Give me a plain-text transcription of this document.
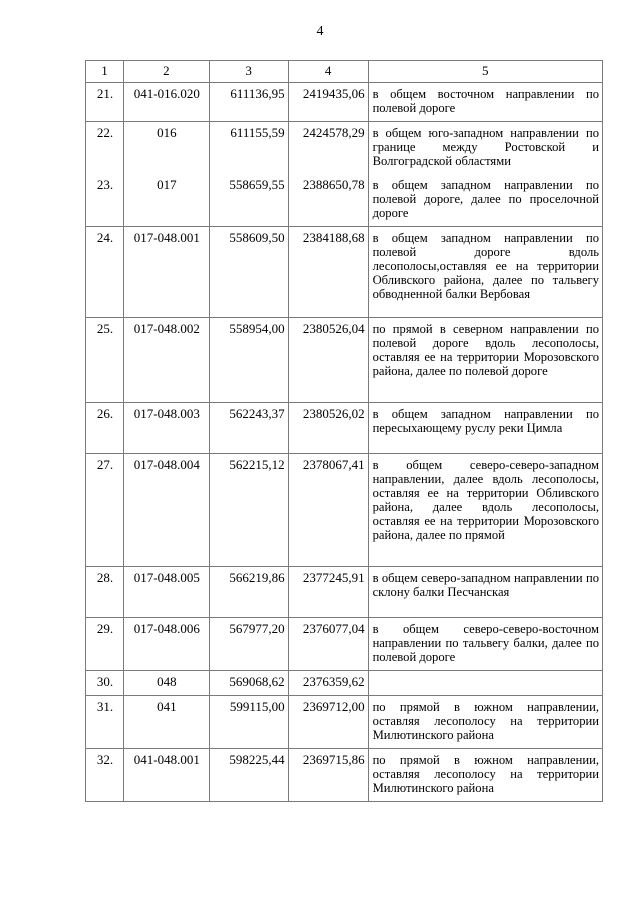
4
1	2	3	4	5
21.	041-016.020	611136,95	2419435,06	в общем восточном направлении по полевой дороге
22.	016	611155,59	2424578,29	в общем юго-западном направлении по границе между Ростовской и Волгоградской областями
23.	017	558659,55	2388650,78	в общем западном направлении по полевой дороге, далее по проселочной дороге
24.	017-048.001	558609,50	2384188,68	в общем западном направлении по полевой дороге вдоль лесополосы,оставляя ее на территории Обливского района, далее по тальвегу обводненной балки Вербовая
25.	017-048.002	558954,00	2380526,04	по прямой в северном направлении по полевой дороге вдоль лесополосы, оставляя ее на территории Морозовского района, далее по полевой дороге
26.	017-048.003	562243,37	2380526,02	в общем западном направлении по пересыхающему руслу реки Цимла
27.	017-048.004	562215,12	2378067,41	в общем северо-северо-западном направлении, далее вдоль лесополосы, оставляя ее на территории Обливского района, далее вдоль лесополосы, оставляя ее на территории Морозовского района, далее по прямой
28.	017-048.005	566219,86	2377245,91	в общем северо-западном направлении по склону балки Песчанская
29.	017-048.006	567977,20	2376077,04	в общем северо-северо-восточном направлении по тальвегу балки, далее по полевой дороге
30.	048	569068,62	2376359,62	
31.	041	599115,00	2369712,00	по прямой в южном направлении, оставляя лесополосу на территории Милютинского района
32.	041-048.001	598225,44	2369715,86	по прямой в южном направлении, оставляя лесополосу на территории Милютинского района
